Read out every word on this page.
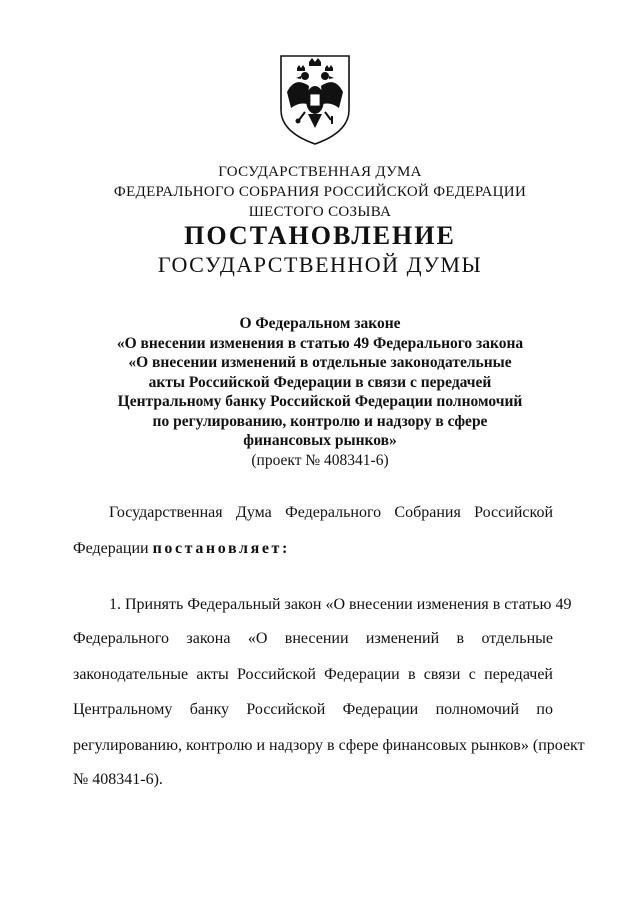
ГОСУДАРСТВЕННАЯ ДУМА
ФЕДЕРАЛЬНОГО СОБРАНИЯ РОССИЙСКОЙ ФЕДЕРАЦИИ
ШЕСТОГО СОЗЫВА
ПОСТАНОВЛЕНИЕ
ГОСУДАРСТВЕННОЙ ДУМЫ
О Федеральном законе
«О внесении изменения в статью 49 Федерального закона
«О внесении изменений в отдельные законодательные
акты Российской Федерации в связи с передачей
Центральному банку Российской Федерации полномочий
по регулированию, контролю и надзору в сфере
финансовых рынков»
(проект № 408341-6)
Государственная Дума Федерального Собрания Российской
Федерации постановляет:
1. Принять Федеральный закон «О внесении изменения в статью 49
Федерального закона «О внесении изменений в отдельные
законодательные акты Российской Федерации в связи с передачей
Центральному банку Российской Федерации полномочий по
регулированию, контролю и надзору в сфере финансовых рынков» (проект
№ 408341-6).
